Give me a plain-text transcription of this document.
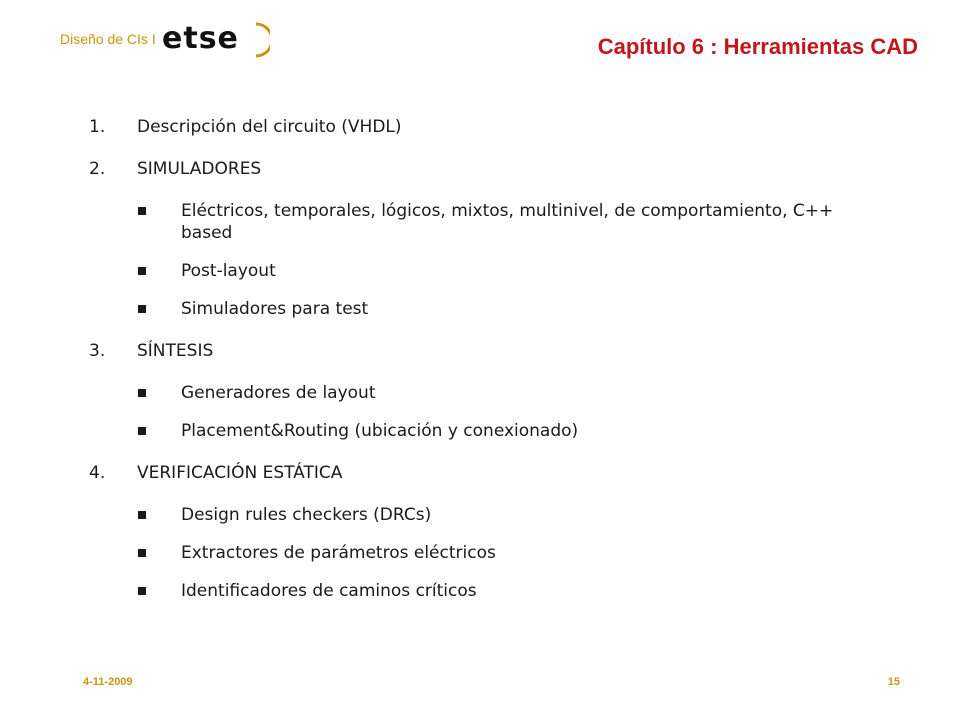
Diseño de CIs I etse	Capítulo 6 : Herramientas CAD
1.	Descripción del circuito (VHDL)
2.	SIMULADORES
Eléctricos, temporales, lógicos, mixtos, multinivel, de comportamiento, C++ based
Post-layout
Simuladores para test
3.	SÍNTESIS
Generadores de layout
Placement&Routing (ubicación y conexionado)
4.	VERIFICACIÓN ESTÁTICA
Design rules checkers (DRCs)
Extractores de parámetros eléctricos
Identificadores de caminos críticos
4-11-2009	15
